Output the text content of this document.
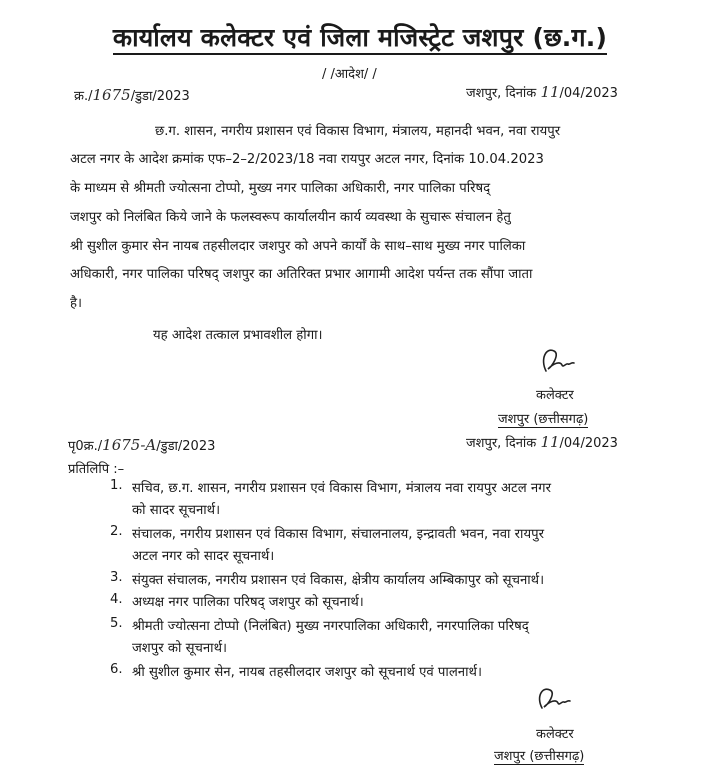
कार्यालय कलेक्टर एवं जिला मजिस्ट्रेट जशपुर (छ.ग.)
/ /आदेश/ /
क्र./1675/डुडा/2023	जशपुर, दिनांक 11/04/2023
छ.ग. शासन, नगरीय प्रशासन एवं विकास विभाग, मंत्रालय, महानदी भवन, नवा रायपुर
अटल नगर के आदेश क्रमांक एफ–2–2/2023/18 नवा रायपुर अटल नगर, दिनांक 10.04.2023
के माध्यम से श्रीमती ज्योत्सना टोप्पो, मुख्य नगर पालिका अधिकारी, नगर पालिका परिषद्
जशपुर को निलंबित किये जाने के फलस्वरूप कार्यालयीन कार्य व्यवस्था के सुचारू संचालन हेतु
श्री सुशील कुमार सेन नायब तहसीलदार जशपुर को अपने कार्यों के साथ–साथ मुख्य नगर पालिका
अधिकारी, नगर पालिका परिषद् जशपुर का अतिरिक्त प्रभार आगामी आदेश पर्यन्त तक सौंपा जाता
है।
यह आदेश तत्काल प्रभावशील होगा।
कलेक्टर
जशपुर (छत्तीसगढ़)
पृ0क्र./1675-A/डुडा/2023	जशपुर, दिनांक 11/04/2023
प्रतिलिपि :–
1. सचिव, छ.ग. शासन, नगरीय प्रशासन एवं विकास विभाग, मंत्रालय नवा रायपुर अटल नगर
को सादर सूचनार्थ।
2. संचालक, नगरीय प्रशासन एवं विकास विभाग, संचालनालय, इन्द्रावती भवन, नवा रायपुर
अटल नगर को सादर सूचनार्थ।
3. संयुक्त संचालक, नगरीय प्रशासन एवं विकास, क्षेत्रीय कार्यालय अम्बिकापुर को सूचनार्थ।
4. अध्यक्ष नगर पालिका परिषद् जशपुर को सूचनार्थ।
5. श्रीमती ज्योत्सना टोप्पो (निलंबित) मुख्य नगरपालिका अधिकारी, नगरपालिका परिषद्
जशपुर को सूचनार्थ।
6. श्री सुशील कुमार सेन, नायब तहसीलदार जशपुर को सूचनार्थ एवं पालनार्थ।
कलेक्टर
जशपुर (छत्तीसगढ़)
